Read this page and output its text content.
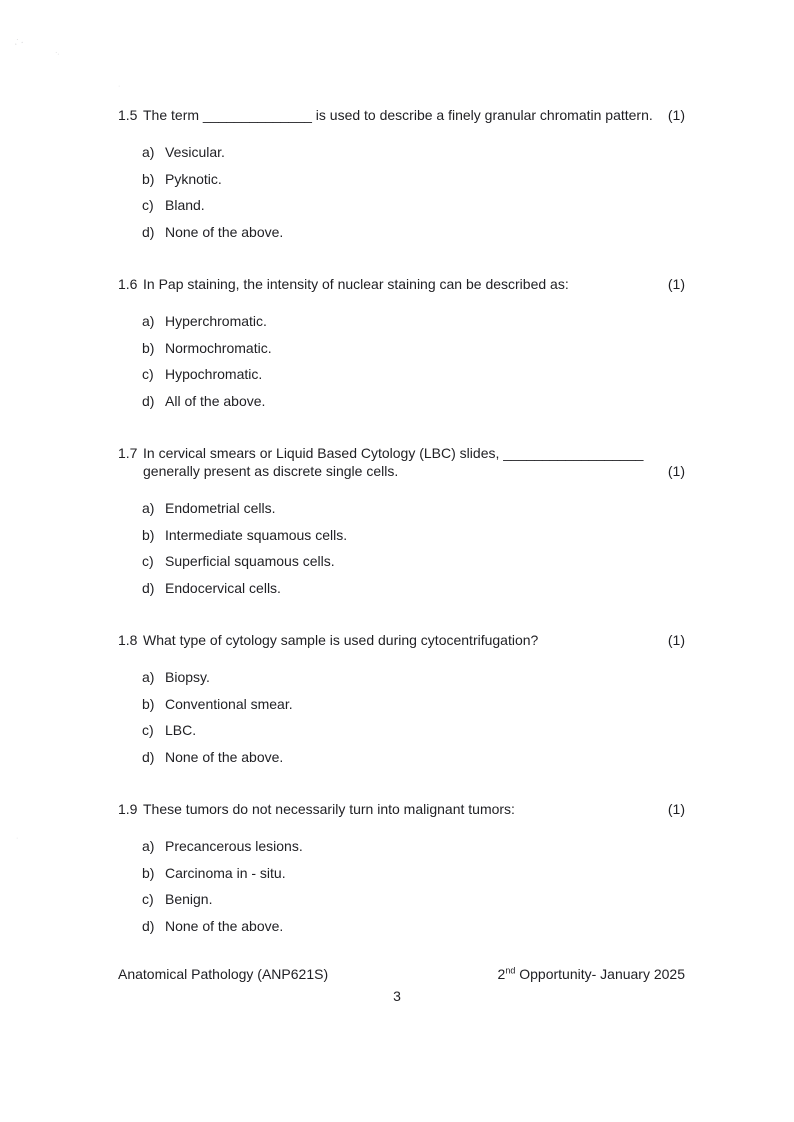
·˙·
·˒
·
·
1.5 The term ______________ is used to describe a finely granular chromatin pattern.	(1)
a) Vesicular.
b) Pyknotic.
c) Bland.
d) None of the above.
1.6 In Pap staining, the intensity of nuclear staining can be described as:	(1)
a) Hyperchromatic.
b) Normochromatic.
c) Hypochromatic.
d) All of the above.
1.7 In cervical smears or Liquid Based Cytology (LBC) slides, __________________
generally present as discrete single cells.	(1)
a) Endometrial cells.
b) Intermediate squamous cells.
c) Superficial squamous cells.
d) Endocervical cells.
1.8 What type of cytology sample is used during cytocentrifugation?	(1)
a) Biopsy.
b) Conventional smear.
c) LBC.
d) None of the above.
1.9 These tumors do not necessarily turn into malignant tumors:	(1)
a) Precancerous lesions.
b) Carcinoma in - situ.
c) Benign.
d) None of the above.
Anatomical Pathology (ANP621S)	2nd Opportunity- January 2025
3
